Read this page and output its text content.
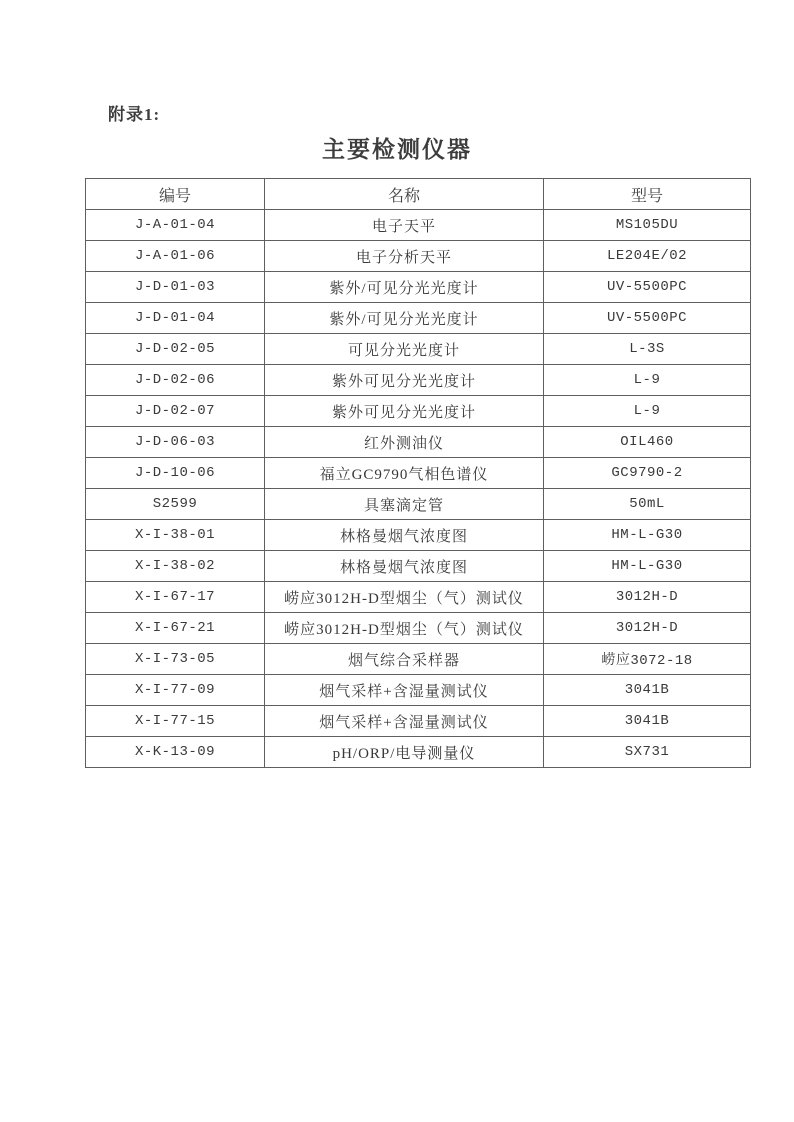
附录1:
主要检测仪器
编号	名称	型号
J-A-01-04	电子天平	MS105DU
J-A-01-06	电子分析天平	LE204E/02
J-D-01-03	紫外/可见分光光度计	UV-5500PC
J-D-01-04	紫外/可见分光光度计	UV-5500PC
J-D-02-05	可见分光光度计	L-3S
J-D-02-06	紫外可见分光光度计	L-9
J-D-02-07	紫外可见分光光度计	L-9
J-D-06-03	红外测油仪	OIL460
J-D-10-06	福立GC9790气相色谱仪	GC9790-2
S2599	具塞滴定管	50mL
X-I-38-01	林格曼烟气浓度图	HM-L-G30
X-I-38-02	林格曼烟气浓度图	HM-L-G30
X-I-67-17	崂应3012H-D型烟尘（气）测试仪	3012H-D
X-I-67-21	崂应3012H-D型烟尘（气）测试仪	3012H-D
X-I-73-05	烟气综合采样器	崂应3072-18
X-I-77-09	烟气采样+含湿量测试仪	3041B
X-I-77-15	烟气采样+含湿量测试仪	3041B
X-K-13-09	pH/ORP/电导测量仪	SX731
